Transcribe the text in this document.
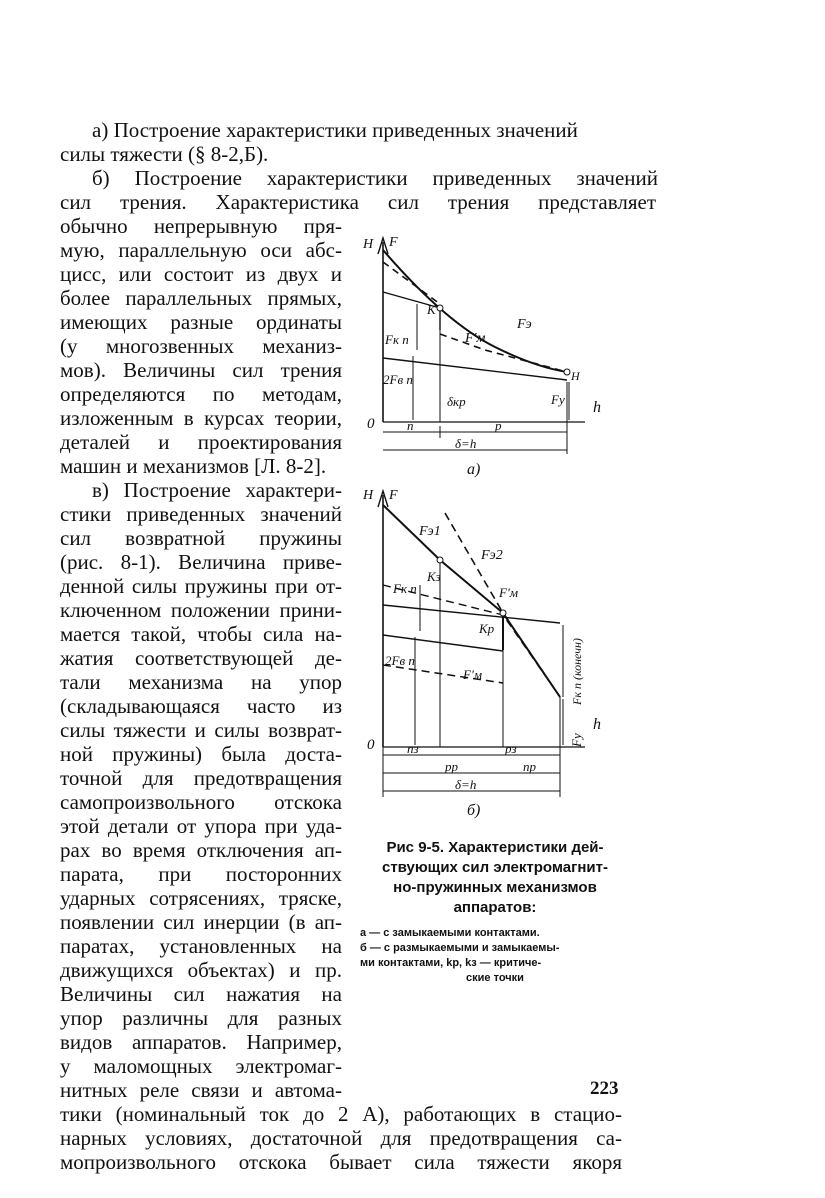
а) Построение характеристики приведенных значений
силы тяжести (§ 8-2,Б).
б) Построение характеристики приведенных значений
сил трения. Характеристика сил трения представляет
обычно непрерывную пря-
мую, параллельную оси абс-
цисс, или состоит из двух и
более параллельных прямых,
имеющих разные ординаты
(у многозвенных механиз-
мов). Величины сил трения
определяются по методам,
изложенным в курсах теории,
деталей и проектирования
машин и механизмов [Л. 8-2].
в) Построение характери-
стики приведенных значений
сил возвратной пружины
(рис. 8-1). Величина приве-
денной силы пружины при от-
ключенном положении прини-
мается такой, чтобы сила на-
жатия соответствующей де-
тали механизма на упор
(складывающаяся часто из
силы тяжести и силы возврат-
ной пружины) была доста-
точной для предотвращения
самопроизвольного отскока
этой детали от упора при уда-
рах во время отключения ап-
парата, при посторонних
ударных сотрясениях, тряске,
появлении сил инерции (в ап-
паратах, установленных на
движущихся объектах) и пр.
Величины сил нажатия на
упор различны для разных
видов аппаратов. Например,
у маломощных электромаг-
нитных реле связи и автома-
тики (номинальный ток до 2 А), работающих в стацио-
нарных условиях, достаточной для предотвращения са-
мопроизвольного отскока бывает сила тяжести якоря
H F
0
h
Fэ
F'м
K
H
Fк п
2Fв п
δкр	Fy
n	p
δ=h
а)
H F
0
h
Fэ1
Fэ2
F'м
F'м
Kз
Kр
Fк п
2Fв п	Fк п (конечн)
Fy
nз	pз
pр	nр
δ=h
б)
Рис 9-5. Характеристики дей-
ствующих сил электромагнит-
но-пружинных механизмов
аппаратов:
а — с замыкаемыми контактами.
б — с размыкаемыми и замыкаемы-
ми контактами, kр, kз — критиче-
ские точки
223
